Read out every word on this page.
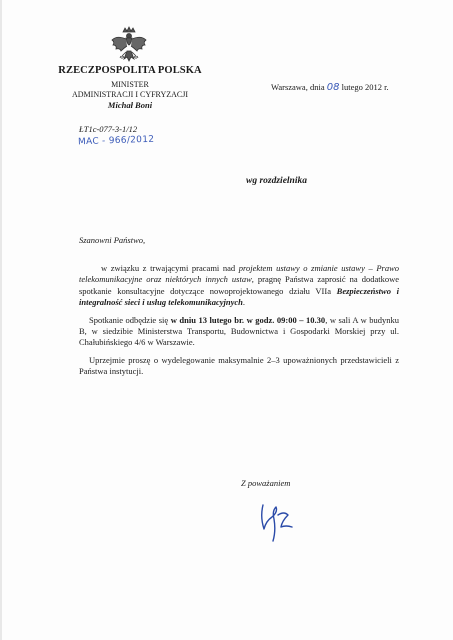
RZECZPOSPOLITA POLSKA
MINISTER
ADMINISTRACJI I CYFRYZACJI
Michał Boni
ŁT1c-077-3-1/12
MAC - 966/2012
Warszawa, dnia 08 lutego 2012 r.
wg rozdzielnika
Szanowni Państwo,

w związku z trwającymi pracami nad projektem ustawy o zmianie ustawy – Prawo telekomunikacyjne oraz niektórych innych ustaw, pragnę Państwa zaprosić na dodatkowe spotkanie konsultacyjne dotyczące nowoprojektowanego działu VIIa Bezpieczeństwo i integralność sieci i usług telekomunikacyjnych.

Spotkanie odbędzie się w dniu 13 lutego br. w godz. 09:00 – 10.30, w sali A w budynku B, w siedzibie Ministerstwa Transportu, Budownictwa i Gospodarki Morskiej przy ul. Chałubińskiego 4/6 w Warszawie.

Uprzejmie proszę o wydelegowanie maksymalnie 2–3 upoważnionych przedstawicieli z Państwa instytucji.

Z poważaniem
